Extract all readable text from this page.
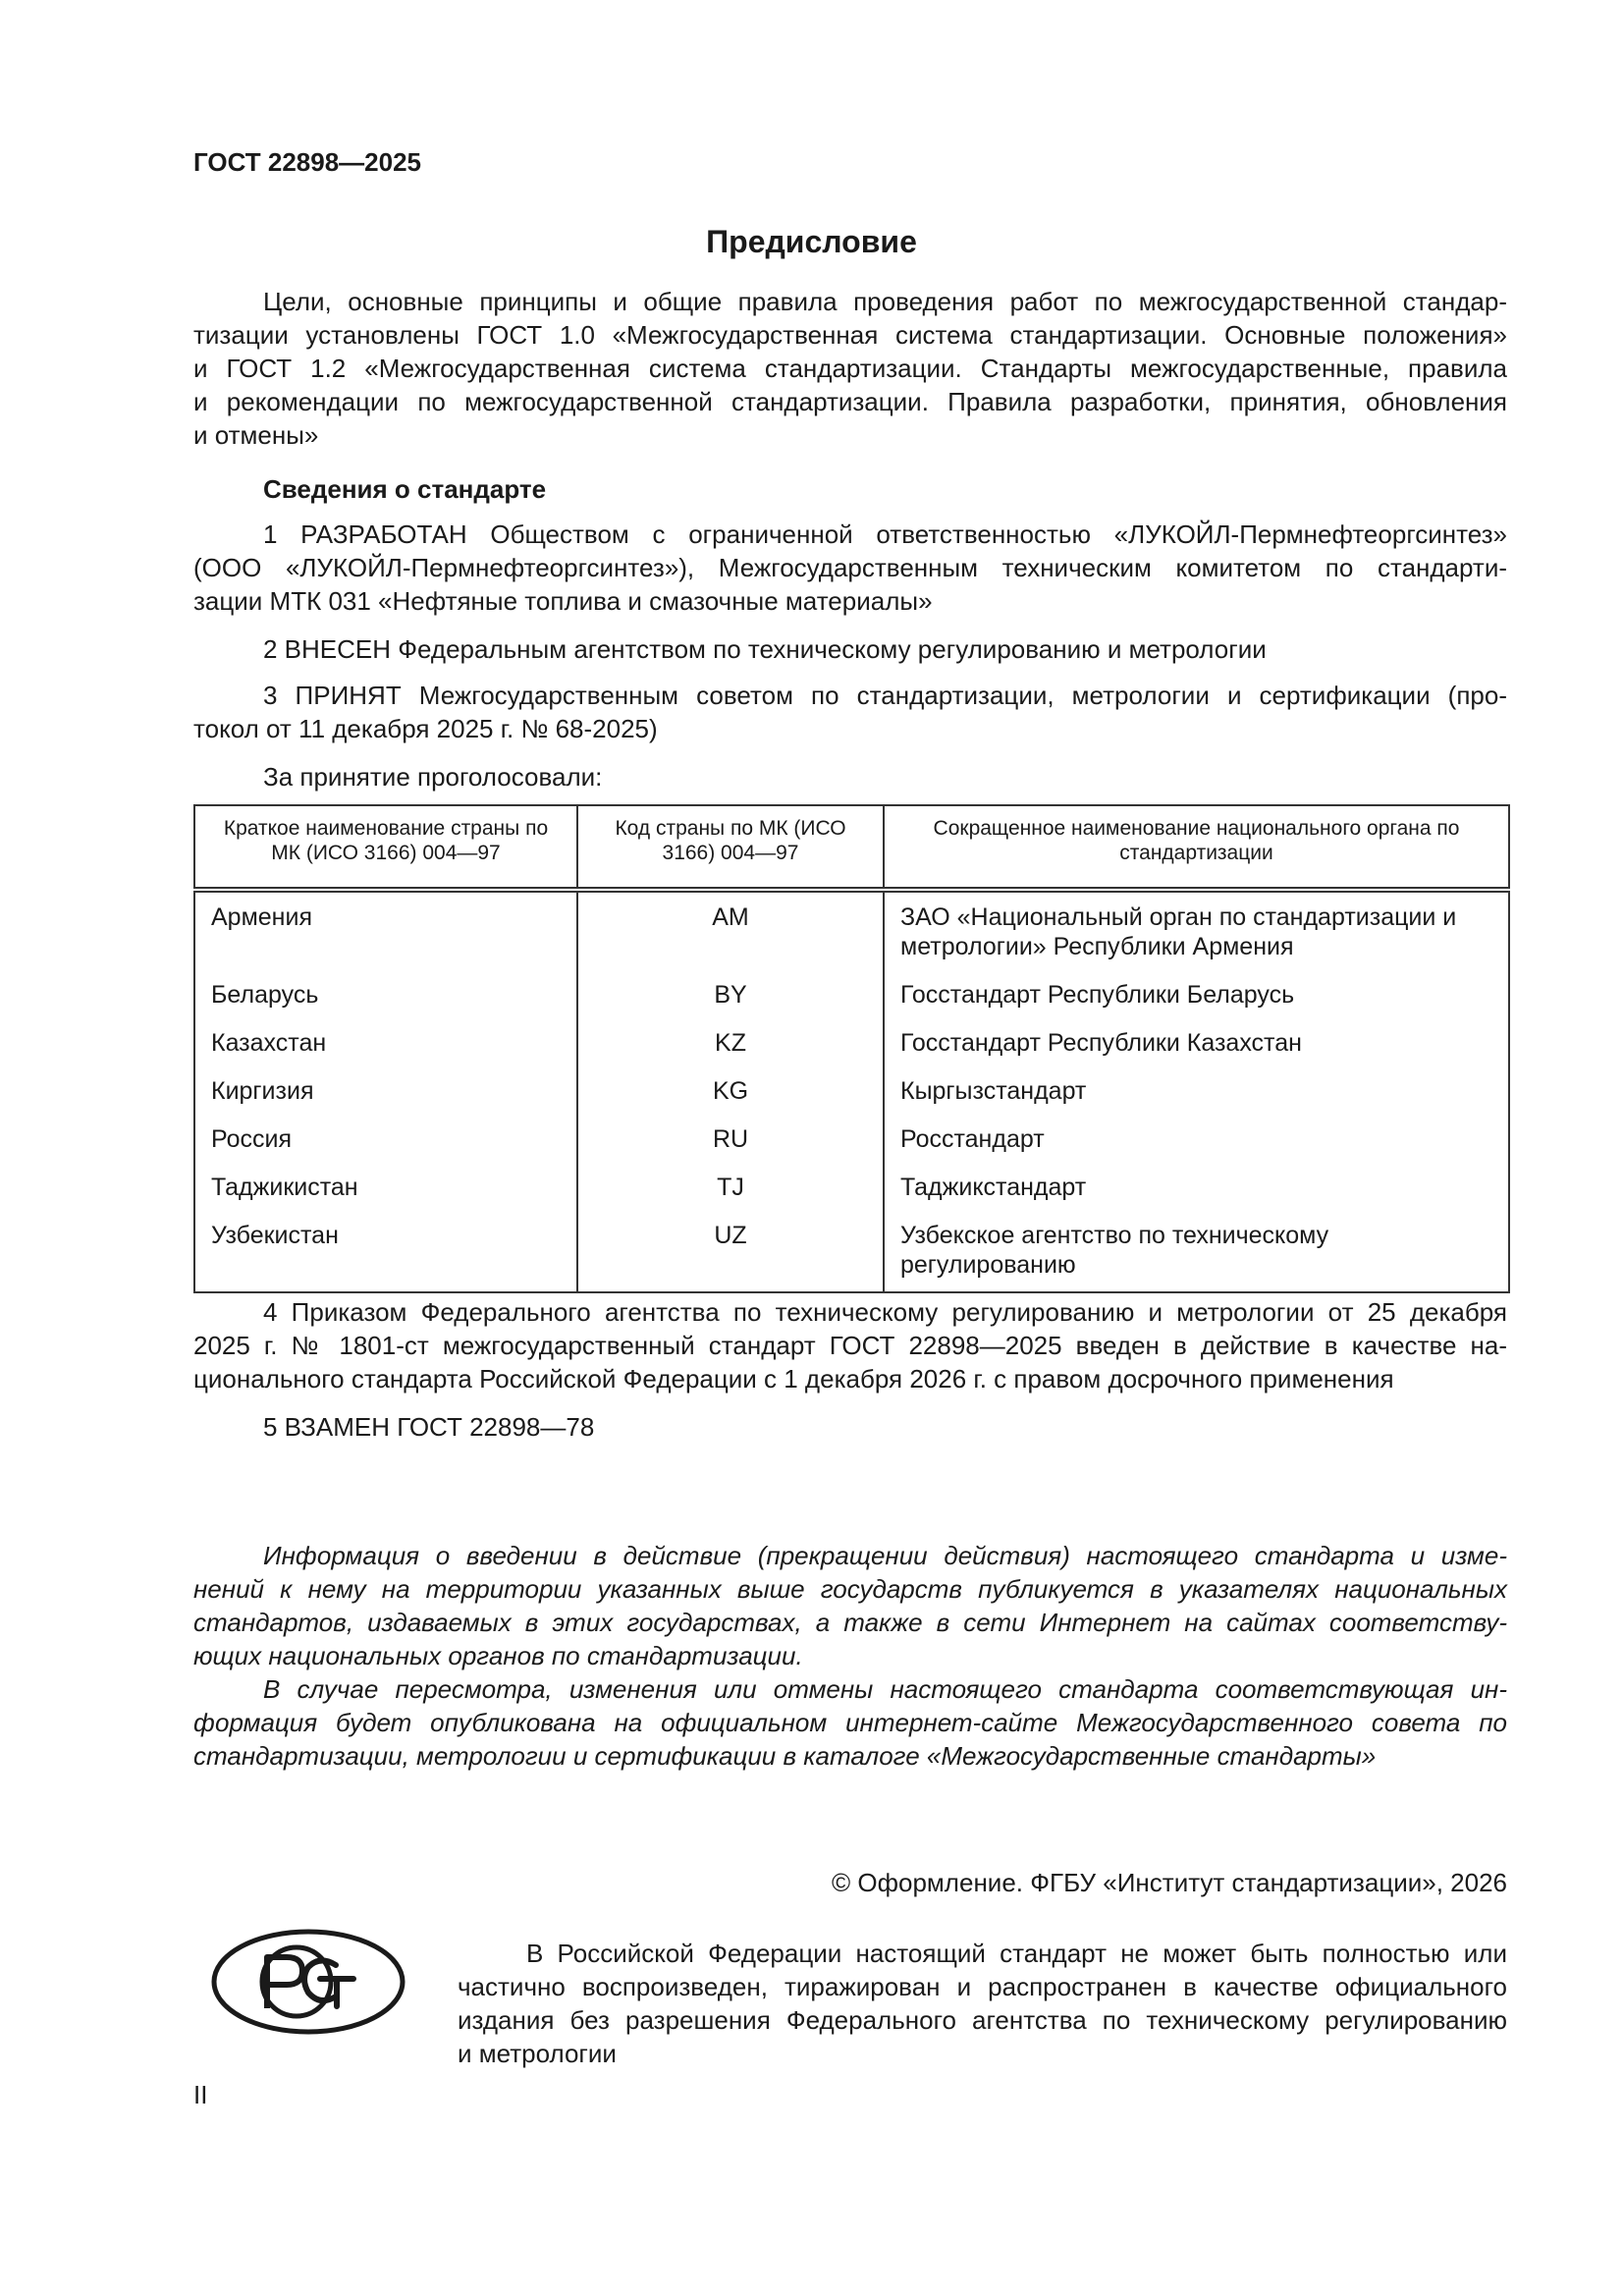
ГОСТ 22898—2025
Предисловие
Цели, основные принципы и общие правила проведения работ по межгосударственной стандар-
тизации установлены ГОСТ 1.0 «Межгосударственная система стандартизации. Основные положения»
и ГОСТ 1.2 «Межгосударственная система стандартизации. Стандарты межгосударственные, правила
и рекомендации по межгосударственной стандартизации. Правила разработки, принятия, обновления
и отмены»
Сведения о стандарте
1 РАЗРАБОТАН Обществом с ограниченной ответственностью «ЛУКОЙЛ-Пермнефтеоргсинтез»
(ООО «ЛУКОЙЛ-Пермнефтеоргсинтез»), Межгосударственным техническим комитетом по стандарти-
зации МТК 031 «Нефтяные топлива и смазочные материалы»
2 ВНЕСЕН Федеральным агентством по техническому регулированию и метрологии
3 ПРИНЯТ Межгосударственным советом по стандартизации, метрологии и сертификации (про-
токол от 11 декабря 2025 г. № 68-2025)
За принятие проголосовали:
Краткое наименование страны по МК (ИСО 3166) 004—97	Код страны по МК (ИСО 3166) 004—97	Сокращенное наименование национального органа по стандартизации
Армения	AM	ЗАО «Национальный орган по стандартизации и метрологии» Республики Армения
Беларусь	BY	Госстандарт Республики Беларусь
Казахстан	KZ	Госстандарт Республики Казахстан
Киргизия	KG	Кыргызстандарт
Россия	RU	Росстандарт
Таджикистан	TJ	Таджикстандарт
Узбекистан	UZ	Узбекское агентство по техническому регулированию
4 Приказом Федерального агентства по техническому регулированию и метрологии от 25 декабря
2025 г. № 1801-ст межгосударственный стандарт ГОСТ 22898—2025 введен в действие в качестве на-
ционального стандарта Российской Федерации с 1 декабря 2026 г. с правом досрочного применения
5 ВЗАМЕН ГОСТ 22898—78
Информация о введении в действие (прекращении действия) настоящего стандарта и изме-
нений к нему на территории указанных выше государств публикуется в указателях национальных
стандартов, издаваемых в этих государствах, а также в сети Интернет на сайтах соответству-
ющих национальных органов по стандартизации.
В случае пересмотра, изменения или отмены настоящего стандарта соответствующая ин-
формация будет опубликована на официальном интернет-сайте Межгосударственного совета по
стандартизации, метрологии и сертификации в каталоге «Межгосударственные стандарты»
© Оформление. ФГБУ «Институт стандартизации», 2026
В Российской Федерации настоящий стандарт не может быть полностью или
частично воспроизведен, тиражирован и распространен в качестве официального
издания без разрешения Федерального агентства по техническому регулированию
и метрологии
II
